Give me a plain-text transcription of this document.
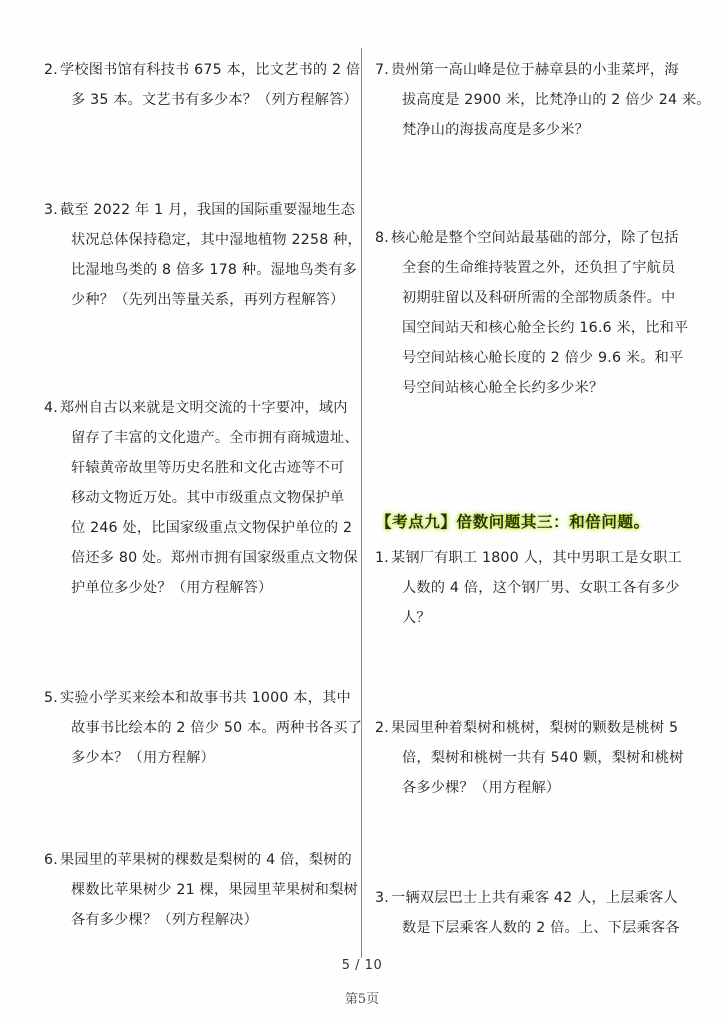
2. 学校图书馆有科技书 675 本，比文艺书的 2 倍
多 35 本。文艺书有多少本？（列方程解答）
3. 截至 2022 年 1 月，我国的国际重要湿地生态
状况总体保持稳定，其中湿地植物 2258 种，
比湿地鸟类的 8 倍多 178 种。湿地鸟类有多
少种？（先列出等量关系，再列方程解答）
4. 郑州自古以来就是文明交流的十字要冲，域内
留存了丰富的文化遗产。全市拥有商城遗址、
轩辕黄帝故里等历史名胜和文化古迹等不可
移动文物近万处。其中市级重点文物保护单
位 246 处，比国家级重点文物保护单位的 2
倍还多 80 处。郑州市拥有国家级重点文物保
护单位多少处？（用方程解答）
5. 实验小学买来绘本和故事书共 1000 本，其中
故事书比绘本的 2 倍少 50 本。两种书各买了
多少本？（用方程解）
6. 果园里的苹果树的棵数是梨树的 4 倍，梨树的
棵数比苹果树少 21 棵，果园里苹果树和梨树
各有多少棵？（列方程解决）
7. 贵州第一高山峰是位于赫章县的小韭菜坪，海
拔高度是 2900 米，比梵净山的 2 倍少 24 来。
梵净山的海拔高度是多少米？
8. 核心舱是整个空间站最基础的部分，除了包括
全套的生命维持装置之外，还负担了宇航员
初期驻留以及科研所需的全部物质条件。中
国空间站天和核心舱全长约 16.6 米，比和平
号空间站核心舱长度的 2 倍少 9.6 米。和平
号空间站核心舱全长约多少米？
【考点九】倍数问题其三：和倍问题。
1. 某钢厂有职工 1800 人，其中男职工是女职工
人数的 4 倍，这个钢厂男、女职工各有多少
人？
2. 果园里种着梨树和桃树，梨树的颗数是桃树 5
倍，梨树和桃树一共有 540 颗，梨树和桃树
各多少棵？（用方程解）
3. 一辆双层巴士上共有乘客 42 人，上层乘客人
数是下层乘客人数的 2 倍。上、下层乘客各
5 / 10
第5页
